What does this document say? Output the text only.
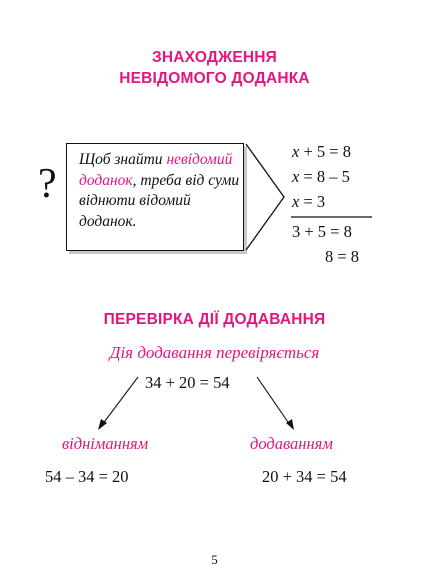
ЗНАХОДЖЕННЯ
НЕВІДОМОГО ДОДАНКА
?
Щоб знайти невідомий доданок, треба від суми віднюти відомий доданок.
x + 5 = 8
x = 8 – 5
x = 3
3 + 5 = 8
8 = 8
ПЕРЕВІРКА ДІЇ ДОДАВАННЯ
Дія додавання перевіряється
34 + 20 = 54
відніманням	додаванням
54 – 34 = 20	20 + 34 = 54
5
